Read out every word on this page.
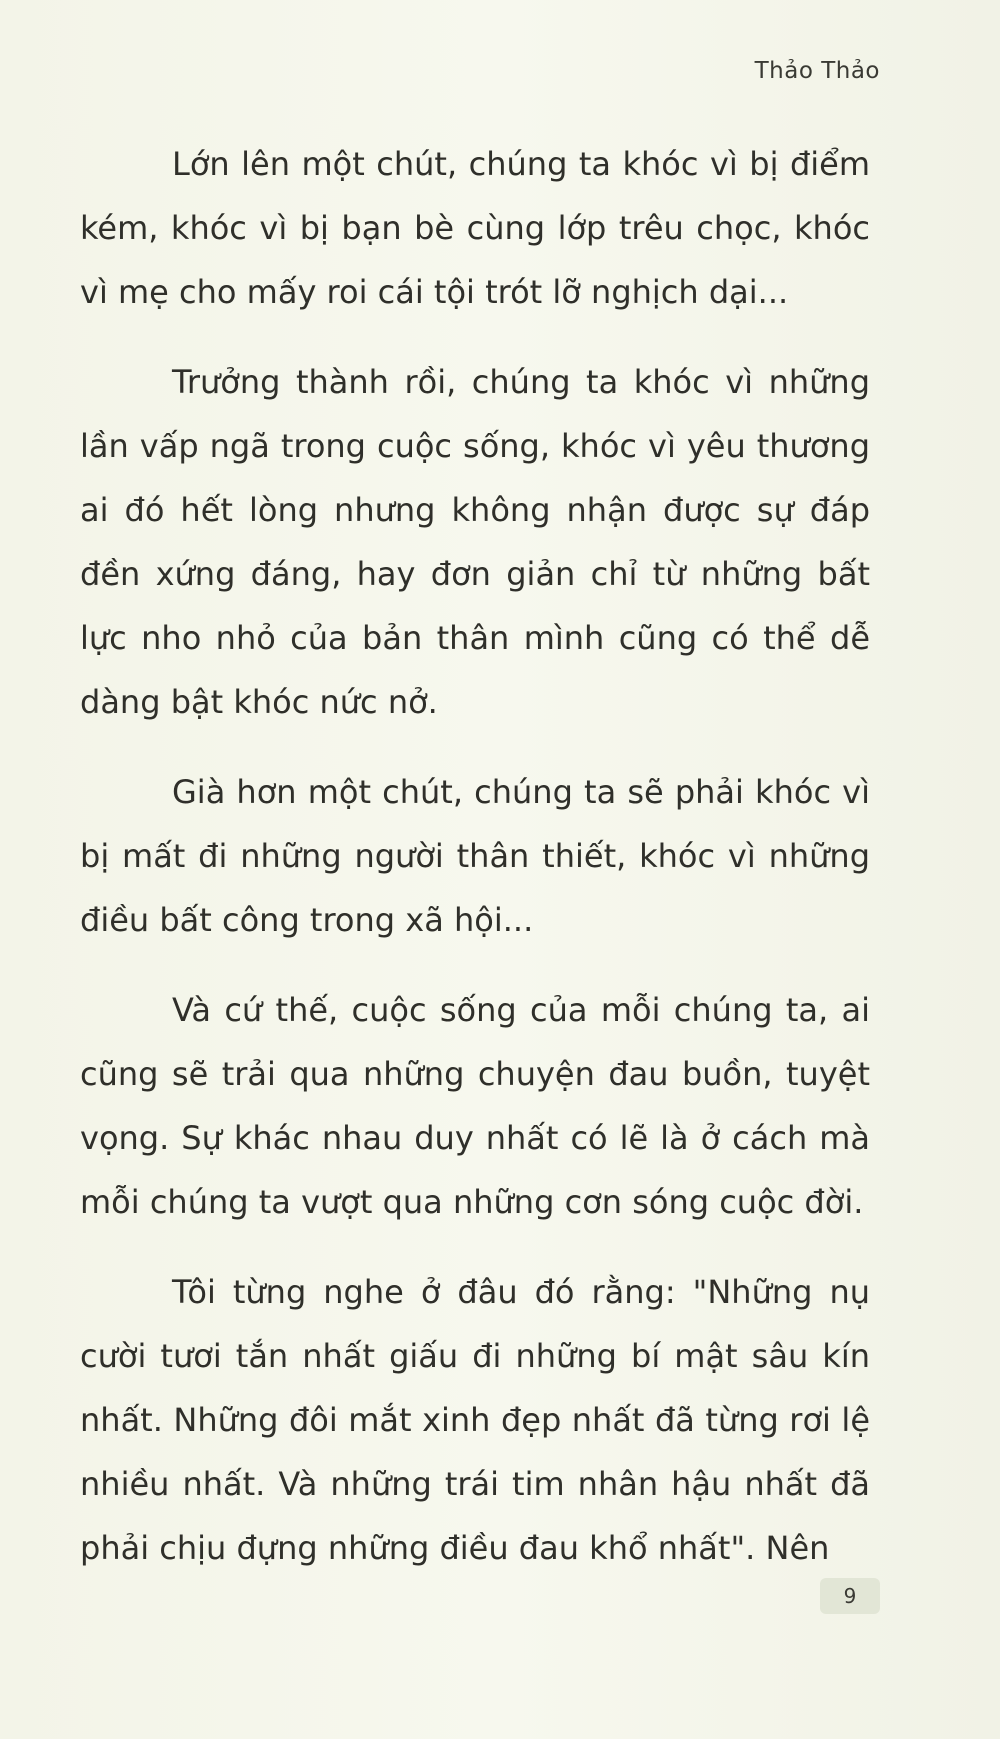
Thảo Thảo

Lớn lên một chút, chúng ta khóc vì bị điểm kém, khóc vì bị bạn bè cùng lớp trêu chọc, khóc vì mẹ cho mấy roi cái tội trót lỡ nghịch dại...

Trưởng thành rồi, chúng ta khóc vì những lần vấp ngã trong cuộc sống, khóc vì yêu thương ai đó hết lòng nhưng không nhận được sự đáp đền xứng đáng, hay đơn giản chỉ từ những bất lực nho nhỏ của bản thân mình cũng có thể dễ dàng bật khóc nức nở.

Già hơn một chút, chúng ta sẽ phải khóc vì bị mất đi những người thân thiết, khóc vì những điều bất công trong xã hội...

Và cứ thế, cuộc sống của mỗi chúng ta, ai cũng sẽ trải qua những chuyện đau buồn, tuyệt vọng. Sự khác nhau duy nhất có lẽ là ở cách mà mỗi chúng ta vượt qua những cơn sóng cuộc đời.

Tôi từng nghe ở đâu đó rằng: "Những nụ cười tươi tắn nhất giấu đi những bí mật sâu kín nhất. Những đôi mắt xinh đẹp nhất đã từng rơi lệ nhiều nhất. Và những trái tim nhân hậu nhất đã phải chịu đựng những điều đau khổ nhất". Nên

9
